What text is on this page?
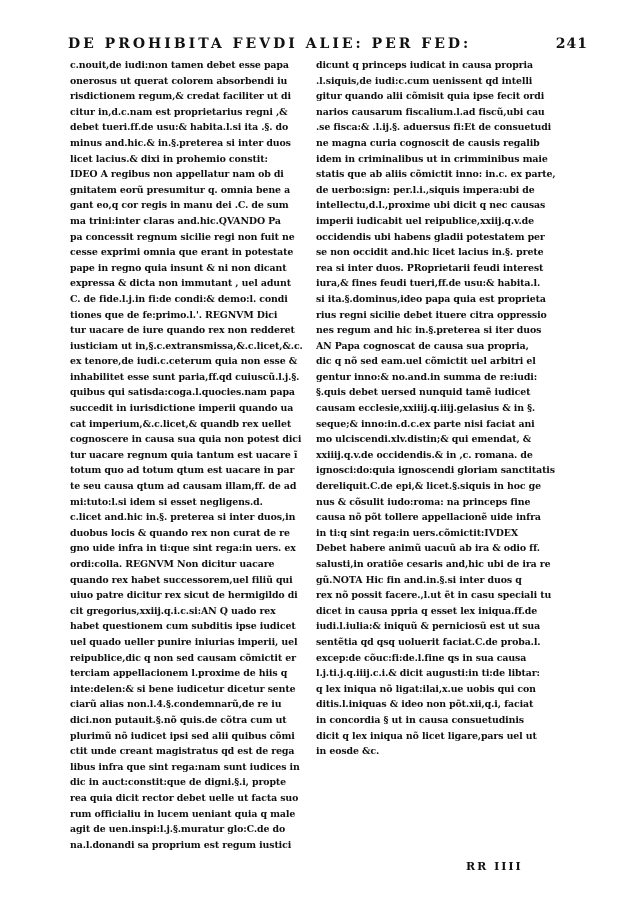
DE PROHIBITA FEVDI ALIE: PER FED:	241
c.nouit,de iudi:non tamen debet esse papa
onerosus ut querat colorem absorbendi iu
risdictionem regum,& credat faciliter ut di
citur in,d.c.nam est proprietarius regni ,&
debet tueri.ff.de usu:& habita.l.si ita .§. do
minus and.hic.& in.§.preterea si inter duos
licet lacius.& dixi in prohemio constit:
IDEO A regibus non appellatur nam ob di
gnitatem eorũ presumitur q. omnia bene a
gant eo,q cor regis in manu dei .C. de sum
ma trini:inter claras and.hic.QVANDO Pa
pa concessit regnum sicilie regi non fuit ne
cesse exprimi omnia que erant in potestate
pape in regno quia insunt & ni non dicant
expressa & dicta non immutant , uel adunt
C. de fide.l.j.in fi:de condi:& demo:l. condi
tiones que de fe:primo.l.'. REGNVM Dici
tur uacare de iure quando rex non redderet
iusticiam ut in,§.c.extransmissa,&.c.licet,&.c.
ex tenore,de iudi.c.ceterum quia non esse &
inhabilitet esse sunt paria,ff.qd cuiuscũ.l.j.§.
quibus qui satisda:coga.l.quocies.nam papa
succedit in iurisdictione imperii quando ua
cat imperium,&.c.licet,& quandb rex uellet
cognoscere in causa sua quia non potest dici
tur uacare regnum quia tantum est uacare ĩ
totum quo ad totum qtum est uacare in par
te seu causa qtum ad causam illam,ff. de ad
mi:tuto:l.si idem si esset negligens.d.
c.licet and.hic in.§. preterea si inter duos,in
duobus locis & quando rex non curat de re
gno uide infra in ti:que sint rega:in uers. ex
ordi:colla. REGNVM Non dicitur uacare
quando rex habet successorem,uel filiũ qui
uiuo patre dicitur rex sicut de hermigildo di
cit gregorius,xxiij.q.i.c.si:AN Q uado rex
habet questionem cum subditis ipse iudicet
uel quado ueller punire iniurias imperii, uel
reipublice,dic q non sed causam cõmictit er
terciam appellacionem l.proxime de hiis q
inte:delen:& si bene iudicetur dicetur sente
ciarũ alias non.l.4.§.condemnarũ,de re iu
dici.non putauit.§.nõ quis.de cõtra cum ut
plurimũ nõ iudicet ipsi sed alii quibus cõmi
ctit unde creant magistratus qd est de rega
libus infra que sint rega:nam sunt iudices in
dic in auct:constit:que de digni.§.i, propte
rea quia dicit rector debet uelle ut facta suo
rum officialiu in lucem ueniant quia q male
agit de uen.inspi:l.j.§.muratur glo:C.de do
na.l.donandi sa proprium est regum iustici
dicunt q princeps iudicat in causa propria
.l.siquis,de iudi:c.cum uenissent qd intelli
gitur quando alii cõmisit quia ipse fecit ordi
narios causarum fiscalium.l.ad fiscũ,ubi cau
.se fisca:& .l.ij.§. aduersus fi:Et de consuetudi
ne magna curia cognoscit de causis regalib
idem in criminalibus ut in crimminibus maie
statis que ab aliis cõmictit inno: in.c. ex parte,
de uerbo:sign: per.l.i.,siquis impera:ubi de
intellectu,d.l.,proxime ubi dicit q nec causas
imperii iudicabit uel reipublice,xxiij.q.v.de
occidendis ubi habens gladii potestatem per
se non occidit and.hic licet lacius in.§. prete
rea si inter duos. PRoprietarii feudi interest
iura,& fines feudi tueri,ff.de usu:& habita.l.
si ita.§.dominus,ideo papa quia est proprieta
rius regni sicilie debet ituere citra oppressio
nes regum and hic in.§.preterea si iter duos
AN Papa cognoscat de causa sua propria,
dic q nõ sed eam.uel cõmictit uel arbitri el
gentur inno:& no.and.in summa de re:iudi:
§.quis debet uersed nunquid tamẽ iudicet
causam ecclesie,xxiiij.q.iiij.gelasius & in §.
seque;& inno:in.d.c.ex parte nisi faciat ani
mo ulciscendi.xlv.distin;& qui emendat, &
xxiiij.q.v.de occidendis.& in ,c. romana. de
ignosci:do:quia ignoscendi gloriam sanctitatis
dereliquit.C.de epi,& licet.§.siquis in hoc ge
nus & cõsulit iudo:roma: na princeps fine
causa nõ põt tollere appellacionẽ uide infra
in ti:q sint rega:in uers.cõmictit:IVDEX
Debet habere animũ uacuũ ab ira & odio ff.
salusti,in oratiõe cesaris and,hic ubi de ira re
gũ.NOTA Hic fin and.in.§.si inter duos q
rex nõ possit facere.,l.ut ẽt in casu speciali tu
dicet in causa ppria q esset lex iniqua.ff.de
iudi.l.iulia:& iniquũ & perniciosũ est ut sua
sentẽtia qd qsq uoluerit faciat.C.de proba.l.
excep:de cõuc:fi:de.l.fine qs in sua causa
l.j.ti.j.q.iiij.c.i.& dicit augusti:in ti:de libtar:
q lex iniqua nõ ligat:ilai,x.ue uobis qui con
ditis.l.iniquas & ideo non põt.xii,q.i, faciat
in concordia § ut in causa consuetudinis
dicit q lex iniqua nõ licet ligare,pars uel ut
in eosde &c.
RR IIII
